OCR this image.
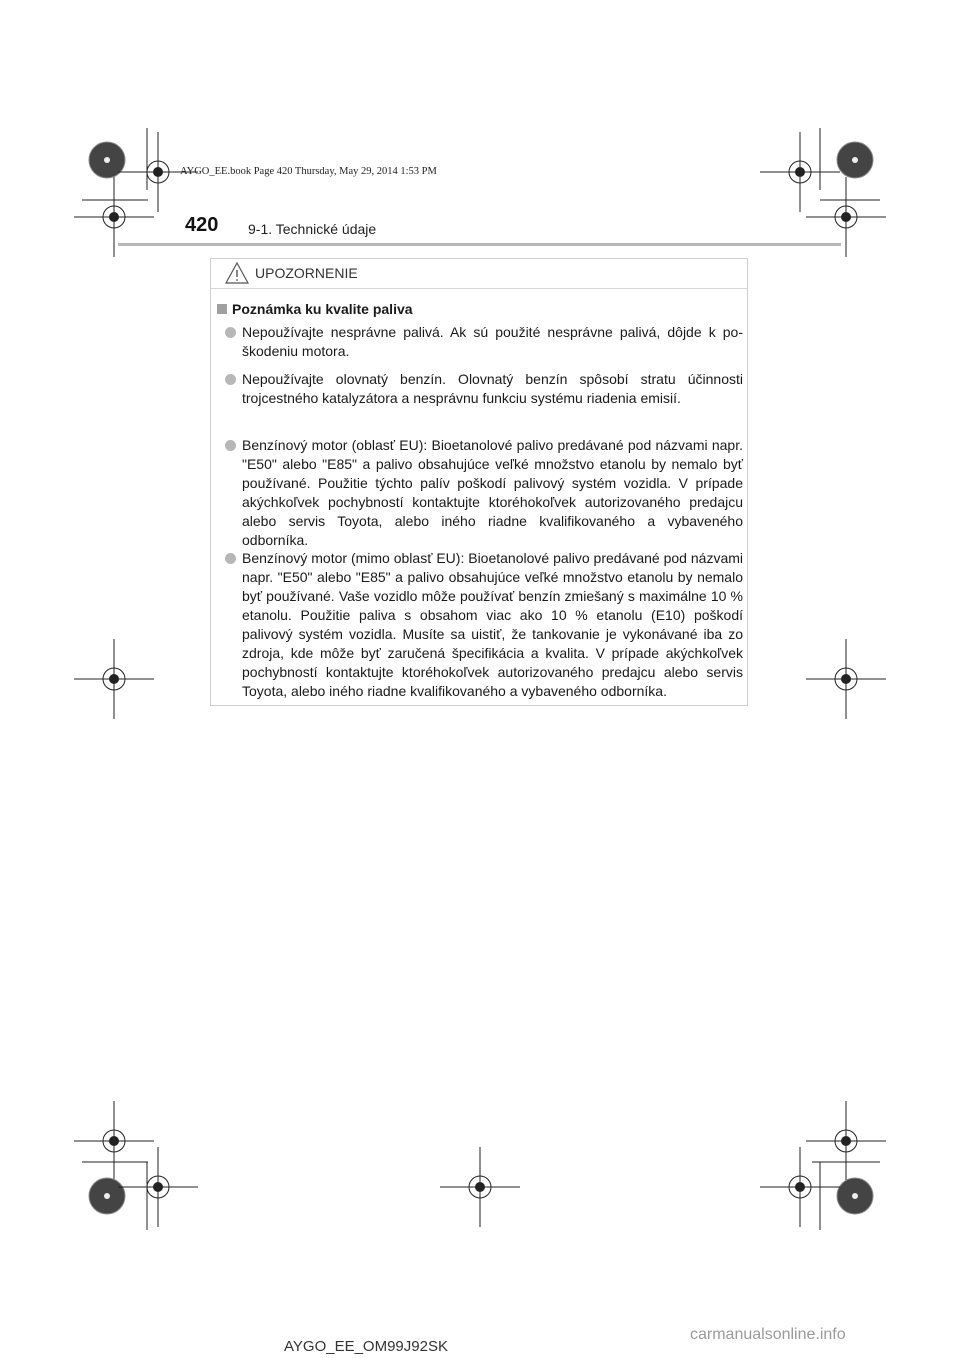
AYGO_EE.book Page 420 Thursday, May 29, 2014 1:53 PM
420 9-1. Technické údaje
UPOZORNENIE
Poznámka ku kvalite paliva
Nepoužívajte nesprávne palivá. Ak sú použité nesprávne palivá, dôjde k poškodeniu motora.
Nepoužívajte olovnatý benzín. Olovnatý benzín spôsobí stratu účinnosti trojcestného katalyzátora a nesprávnu funkciu systému riadenia emisií.
Benzínový motor (oblasť EU): Bioetanolové palivo predávané pod názvami napr. "E50" alebo "E85" a palivo obsahujúce veľké množstvo etanolu by nemalo byť používané. Použitie týchto palív poškodí palivový systém vozidla. V prípade akýchkoľvek pochybností kontaktujte ktoréhokoľvek autorizovaného predajcu alebo servis Toyota, alebo iného riadne kvalifikovaného a vybaveného odborníka.
Benzínový motor (mimo oblasť EU): Bioetanolové palivo predávané pod názvami napr. "E50" alebo "E85" a palivo obsahujúce veľké množstvo etanolu by nemalo byť používané. Vaše vozidlo môže používať benzín zmiešaný s maximálne 10 % etanolu. Použitie paliva s obsahom viac ako 10 % etanolu (E10) poškodí palivový systém vozidla. Musíte sa uistiť, že tankovanie je vykonávané iba zo zdroja, kde môže byť zaručená špecifikácia a kvalita. V prípade akýchkoľvek pochybností kontaktujte ktoréhokoľvek autorizovaného predajcu alebo servis Toyota, alebo iného riadne kvalifikovaného a vybaveného odborníka.
AYGO_EE_OM99J92SK
carmanualsonline.info
